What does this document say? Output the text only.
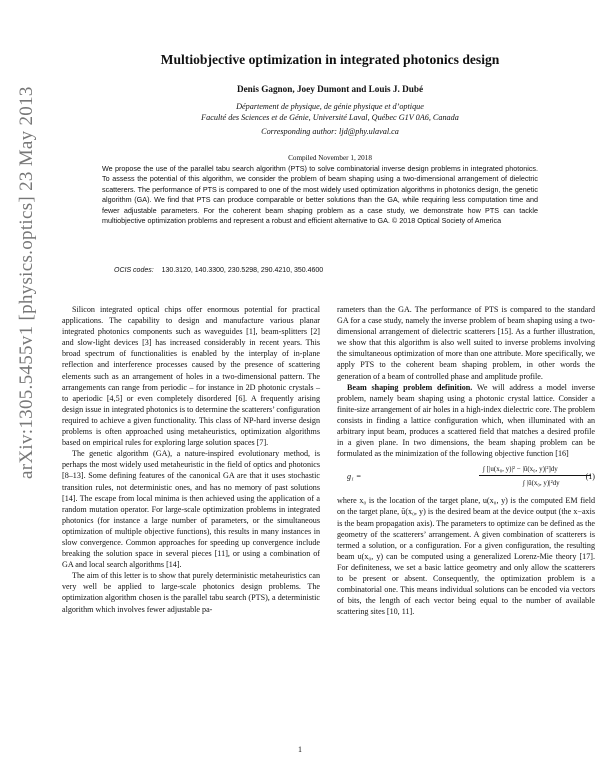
arXiv:1305.5455v1 [physics.optics] 23 May 2013
Multiobjective optimization in integrated photonics design
Denis Gagnon, Joey Dumont and Louis J. Dubé
Département de physique, de génie physique et d’optique
Faculté des Sciences et de Génie, Université Laval, Québec G1V 0A6, Canada
Corresponding author: ljd@phy.ulaval.ca
Compiled November 1, 2018

We propose the use of the parallel tabu search algorithm (PTS) to solve combinatorial inverse design problems in integrated photonics. To assess the potential of this algorithm, we consider the problem of beam shaping using a two-dimensional arrangement of dielectric scatterers. The performance of PTS is compared to one of the most widely used optimization algorithms in photonics design, the genetic algorithm (GA). We find that PTS can produce comparable or better solutions than the GA, while requiring less computation time and fewer adjustable parameters. For the coherent beam shaping problem as a case study, we demonstrate how PTS can tackle multiobjective optimization problems and represent a robust and efficient alternative to GA. © 2018 Optical Society of America

OCIS codes: 130.3120, 140.3300, 230.5298, 290.4210, 350.4600

Silicon integrated optical chips offer enormous potential for practical applications. The capability to design and manufacture various planar integrated photonics components such as waveguides [1], beam-splitters [2] and slow-light devices [3] has increased considerably in recent years. This broad spectrum of functionalities is enabled by the interplay of in-plane reflection and interference processes caused by the presence of scattering elements such as an arrangement of holes in a two-dimensional pattern. The arrangements can range from periodic – for instance in 2D photonic crystals – to aperiodic [4,5] or even completely disordered [6]. A frequently arising design issue in integrated photonics is to determine the scatterers’ configuration required to achieve a given functionality. This class of NP-hard inverse design problems is often approached using metaheuristics, optimization algorithms based on empirical rules for exploring large solution spaces [7].

The genetic algorithm (GA), a nature-inspired evolutionary method, is perhaps the most widely used metaheuristic in the field of optics and photonics [8–13]. Some defining features of the canonical GA are that it uses stochastic transition rules, not deterministic ones, and has no memory of past solutions [14]. The escape from local minima is then achieved using the application of a random mutation operator. For large-scale optimization problems in integrated photonics (for instance a large number of parameters, or the simultaneous optimization of multiple objective functions), this results in many instances in slow convergence. Common approaches for speeding up convergence include breaking the solution space in several pieces [11], or using a combination of GA and local search algorithms [14].

The aim of this letter is to show that purely deterministic metaheuristics can very well be applied to large-scale photonics design problems. The optimization algorithm chosen is the parallel tabu search (PTS), a deterministic algorithm which involves fewer adjustable pa-

rameters than the GA. The performance of PTS is compared to the standard GA for a case study, namely the inverse problem of beam shaping using a two-dimensional arrangement of dielectric scatterers [15]. As a further illustration, we show that this algorithm is also well suited to inverse problems involving the simultaneous optimization of more than one attribute. More specifically, we apply PTS to the coherent beam shaping problem, in other words the generation of a beam of controlled phase and amplitude profile.

Beam shaping problem definition. We will address a model inverse problem, namely beam shaping using a photonic crystal lattice. Consider a finite-size arrangement of air holes in a high-index dielectric core. The problem consists in finding a lattice configuration which, when illuminated with an arbitrary input beam, produces a scattered field that matches a desired profile in a given plane. In two dimensions, the beam shaping problem can be formulated as the minimization of the following objective function [16]

g₁ =
∫ [|u(x₀, y)|² − |ū(x₀, y)|²]dy
∫ |ū(x₀, y)|²dy
(1)

where x₀ is the location of the target plane, u(x₀, y) is the computed EM field on the target plane, ū(x₀, y) is the desired beam at the device output (the x−axis is the beam propagation axis). The parameters to optimize can be defined as the geometry of the scatterers’ arrangement. A given combination of scatterers is termed a solution, or a configuration. For a given configuration, the resulting beam u(x₀, y) can be computed using a generalized Lorenz-Mie theory [17]. For definiteness, we set a basic lattice geometry and only allow the scatterers to be present or absent. Consequently, the optimization problem is a combinatorial one. This means individual solutions can be encoded via vectors of bits, the length of each vector being equal to the number of available scattering sites [10, 11].

1
